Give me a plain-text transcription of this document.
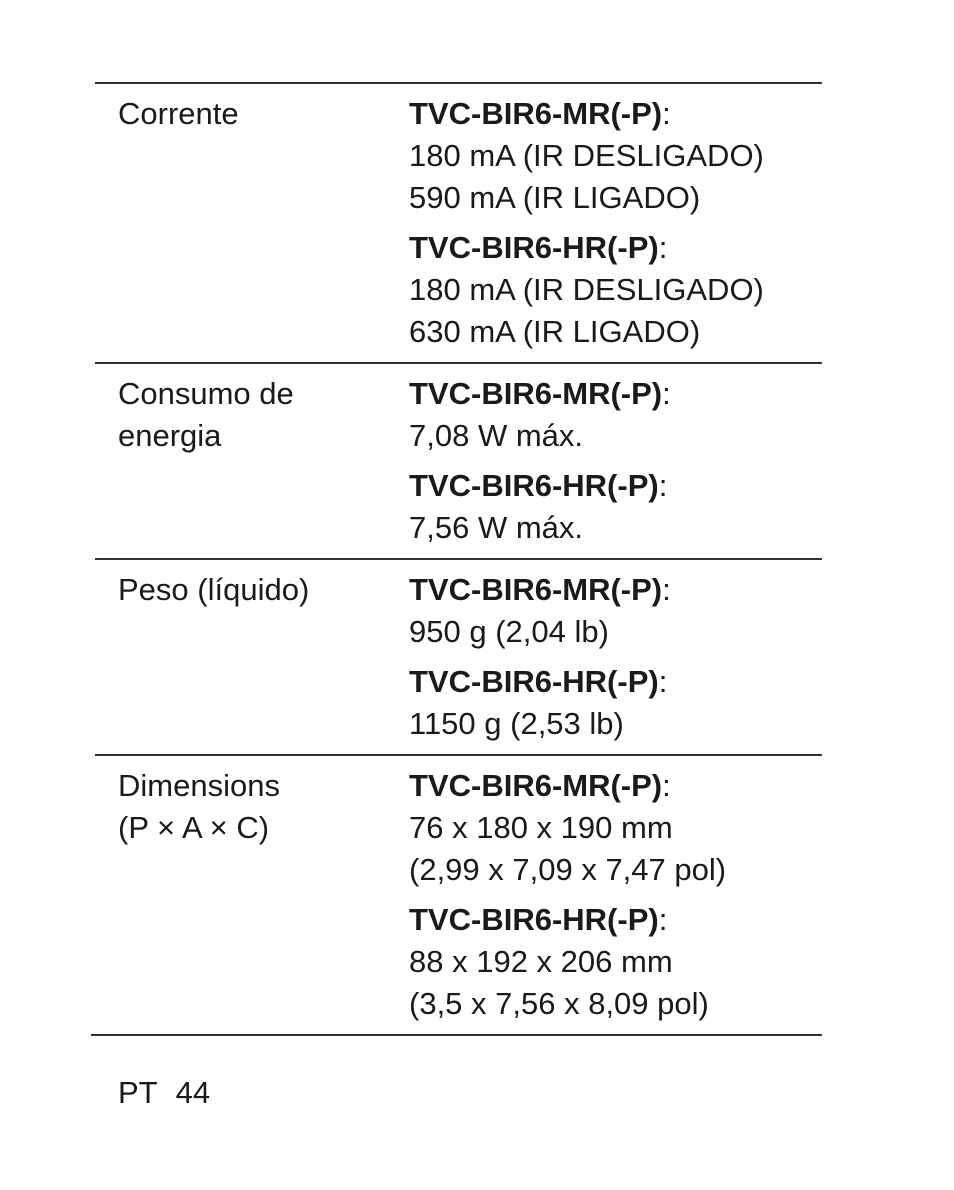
Corrente	TVC-BIR6-MR(-P):
180 mA (IR DESLIGADO)
590 mA (IR LIGADO)
TVC-BIR6-HR(-P):
180 mA (IR DESLIGADO)
630 mA (IR LIGADO)
Consumo de
energia
TVC-BIR6-MR(-P):
7,08 W máx.
TVC-BIR6-HR(-P):
7,56 W máx.
Peso (líquido)	TVC-BIR6-MR(-P):
950 g (2,04 lb)
TVC-BIR6-HR(-P):
1150 g (2,53 lb)
Dimensions
(P × A × C)
TVC-BIR6-MR(-P):
76 x 180 x 190 mm
(2,99 x 7,09 x 7,47 pol)
TVC-BIR6-HR(-P):
88 x 192 x 206 mm
(3,5 x 7,56 x 8,09 pol)
PT 44
